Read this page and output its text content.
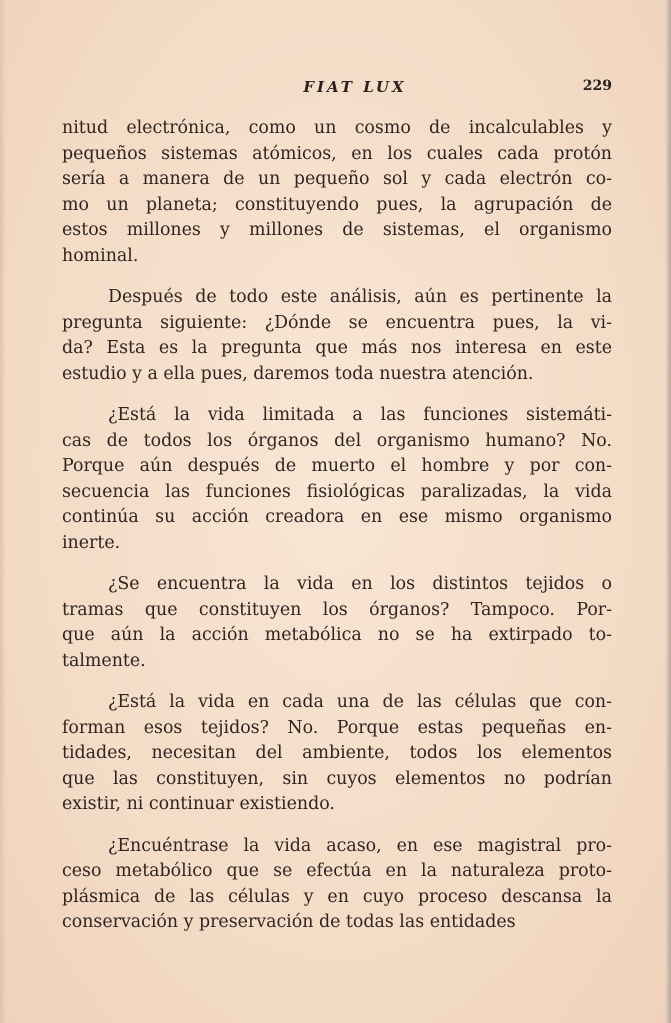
FIAT LUX	229

nitud electrónica, como un cosmo de incalculables y
pequeños sistemas atómicos, en los cuales cada protón
sería a manera de un pequeño sol y cada electrón co-
mo un planeta; constituyendo pues, la agrupación de
estos millones y millones de sistemas, el organismo
hominal.

Después de todo este análisis, aún es pertinente la
pregunta siguiente: ¿Dónde se encuentra pues, la vi-
da? Esta es la pregunta que más nos interesa en este
estudio y a ella pues, daremos toda nuestra atención.

¿Está la vida limitada a las funciones sistemáti-
cas de todos los órganos del organismo humano? No.
Porque aún después de muerto el hombre y por con-
secuencia las funciones fisiológicas paralizadas, la vida
continúa su acción creadora en ese mismo organismo
inerte.

¿Se encuentra la vida en los distintos tejidos o
tramas que constituyen los órganos? Tampoco. Por-
que aún la acción metabólica no se ha extirpado to-
talmente.

¿Está la vida en cada una de las células que con-
forman esos tejidos? No. Porque estas pequeñas en-
tidades, necesitan del ambiente, todos los elementos
que las constituyen, sin cuyos elementos no podrían
existir, ni continuar existiendo.

¿Encuéntrase la vida acaso, en ese magistral pro-
ceso metabólico que se efectúa en la naturaleza proto-
plásmica de las células y en cuyo proceso descansa la
conservación y preservación de todas las entidades
